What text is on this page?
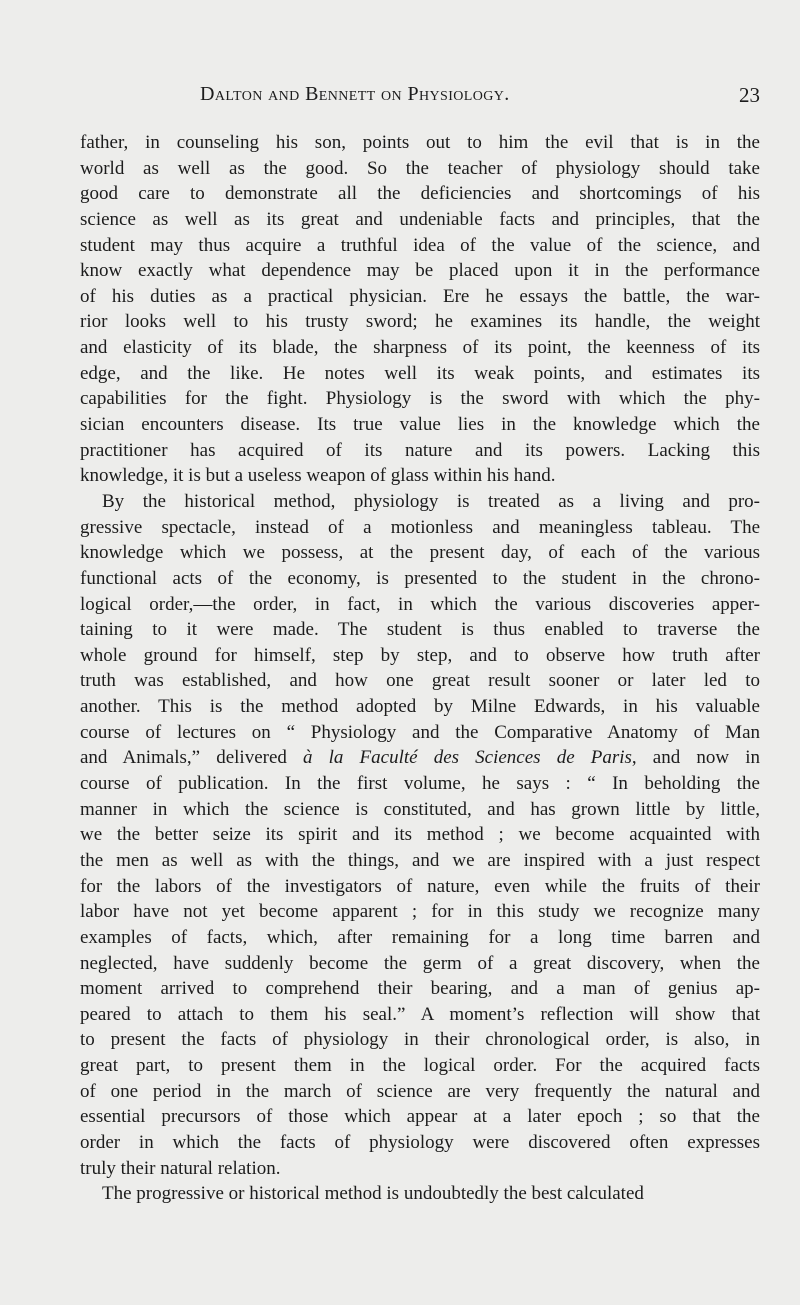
Dalton and Bennett on Physiology.	23
father, in counseling his son, points out to him the evil that is in the
world as well as the good. So the teacher of physiology should take
good care to demonstrate all the deficiencies and shortcomings of his
science as well as its great and undeniable facts and principles, that the
student may thus acquire a truthful idea of the value of the science, and
know exactly what dependence may be placed upon it in the performance
of his duties as a practical physician. Ere he essays the battle, the war-
rior looks well to his trusty sword; he examines its handle, the weight
and elasticity of its blade, the sharpness of its point, the keenness of its
edge, and the like. He notes well its weak points, and estimates its
capabilities for the fight. Physiology is the sword with which the phy-
sician encounters disease. Its true value lies in the knowledge which the
practitioner has acquired of its nature and its powers. Lacking this
knowledge, it is but a useless weapon of glass within his hand.
By the historical method, physiology is treated as a living and pro-
gressive spectacle, instead of a motionless and meaningless tableau. The
knowledge which we possess, at the present day, of each of the various
functional acts of the economy, is presented to the student in the chrono-
logical order,—the order, in fact, in which the various discoveries apper-
taining to it were made. The student is thus enabled to traverse the
whole ground for himself, step by step, and to observe how truth after
truth was established, and how one great result sooner or later led to
another. This is the method adopted by Milne Edwards, in his valuable
course of lectures on “ Physiology and the Comparative Anatomy of Man
and Animals,” delivered à la Faculté des Sciences de Paris, and now in
course of publication. In the first volume, he says : “ In beholding the
manner in which the science is constituted, and has grown little by little,
we the better seize its spirit and its method ; we become acquainted with
the men as well as with the things, and we are inspired with a just respect
for the labors of the investigators of nature, even while the fruits of their
labor have not yet become apparent ; for in this study we recognize many
examples of facts, which, after remaining for a long time barren and
neglected, have suddenly become the germ of a great discovery, when the
moment arrived to comprehend their bearing, and a man of genius ap-
peared to attach to them his seal.” A moment’s reflection will show that
to present the facts of physiology in their chronological order, is also, in
great part, to present them in the logical order. For the acquired facts
of one period in the march of science are very frequently the natural and
essential precursors of those which appear at a later epoch ; so that the
order in which the facts of physiology were discovered often expresses
truly their natural relation.
The progressive or historical method is undoubtedly the best calculated
